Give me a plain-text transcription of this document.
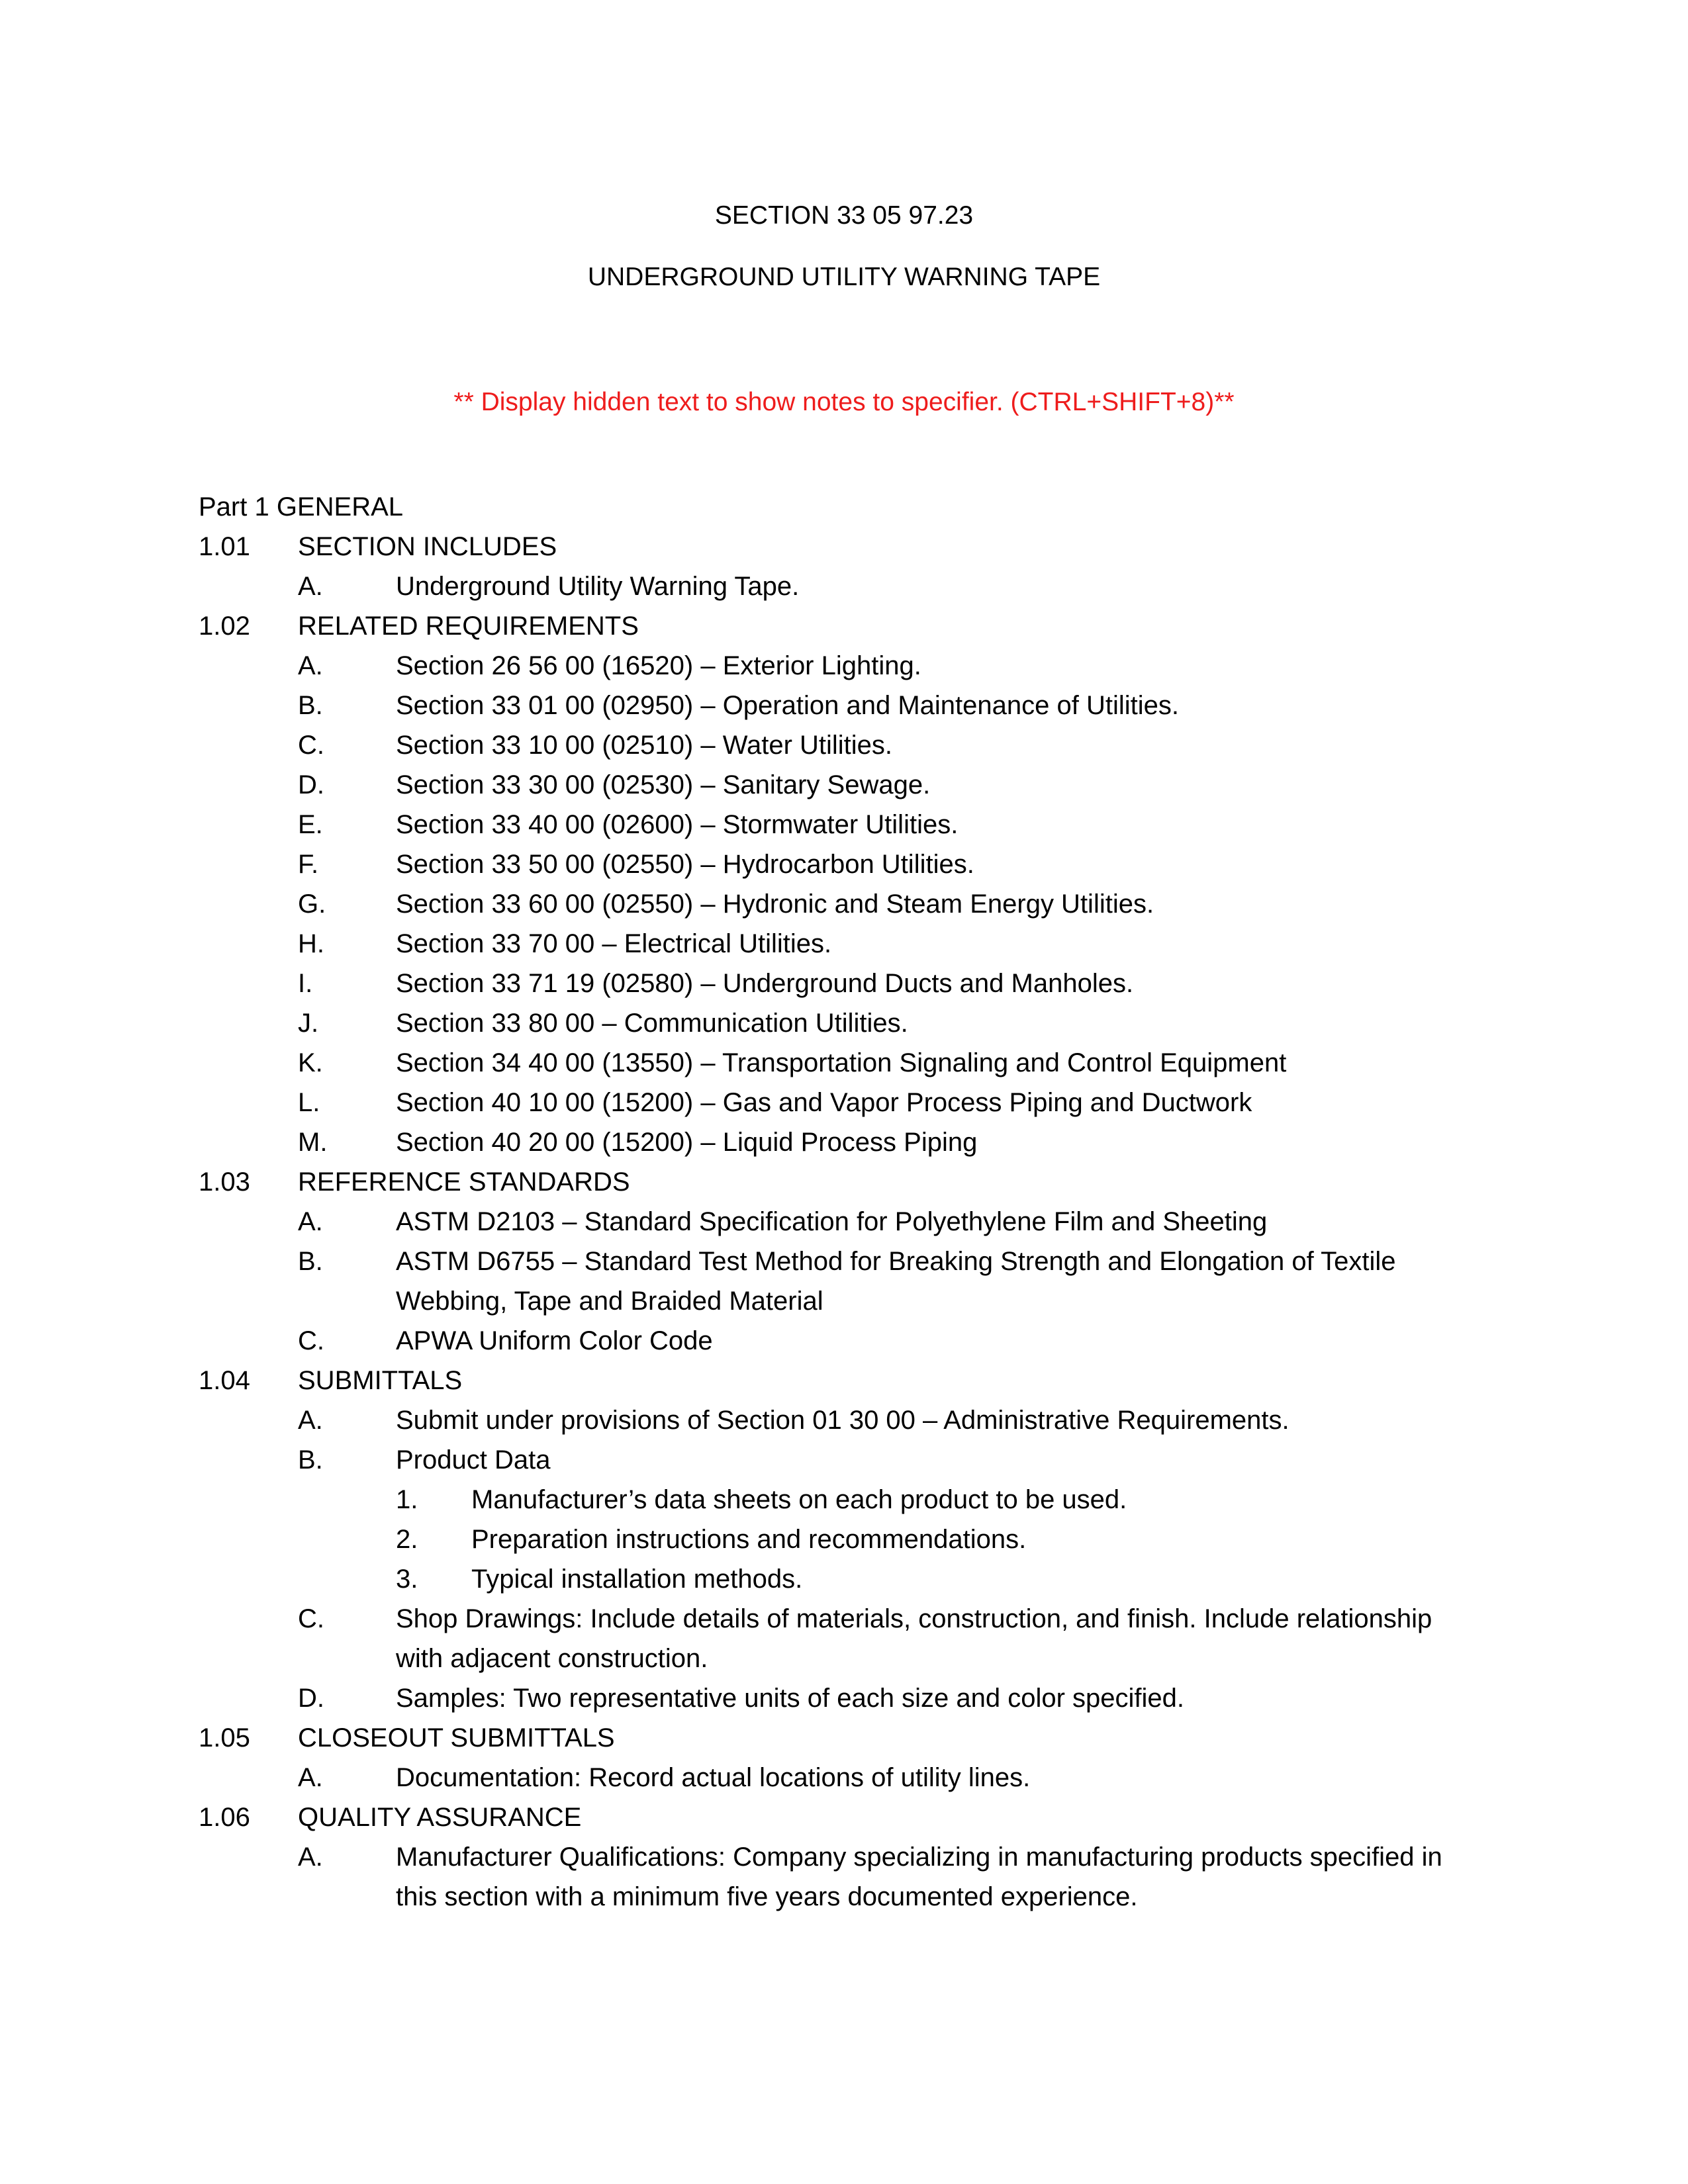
SECTION 33 05 97.23
UNDERGROUND UTILITY WARNING TAPE
** Display hidden text to show notes to specifier. (CTRL+SHIFT+8)**
Part 1 GENERAL
1.01 SECTION INCLUDES
A.	Underground Utility Warning Tape.
1.02 RELATED REQUIREMENTS
A.	Section 26 56 00 (16520) – Exterior Lighting.
B.	Section 33 01 00 (02950) – Operation and Maintenance of Utilities.
C.	Section 33 10 00 (02510) – Water Utilities.
D.	Section 33 30 00 (02530) – Sanitary Sewage.
E.	Section 33 40 00 (02600) – Stormwater Utilities.
F.	Section 33 50 00 (02550) – Hydrocarbon Utilities.
G.	Section 33 60 00 (02550) – Hydronic and Steam Energy Utilities.
H.	Section 33 70 00 – Electrical Utilities.
I.	Section 33 71 19 (02580) – Underground Ducts and Manholes.
J.	Section 33 80 00 – Communication Utilities.
K.	Section 34 40 00 (13550) – Transportation Signaling and Control Equipment
L.	Section 40 10 00 (15200) – Gas and Vapor Process Piping and Ductwork
M.	Section 40 20 00 (15200) – Liquid Process Piping
1.03 REFERENCE STANDARDS
A.	ASTM D2103 – Standard Specification for Polyethylene Film and Sheeting
B.	ASTM D6755 – Standard Test Method for Breaking Strength and Elongation of Textile Webbing, Tape and Braided Material
C.	APWA Uniform Color Code
1.04 SUBMITTALS
A.	Submit under provisions of Section 01 30 00 – Administrative Requirements.
B.	Product Data
1. Manufacturer’s data sheets on each product to be used.
2. Preparation instructions and recommendations.
3. Typical installation methods.
C.	Shop Drawings: Include details of materials, construction, and finish. Include relationship with adjacent construction.
D.	Samples: Two representative units of each size and color specified.
1.05 CLOSEOUT SUBMITTALS
A.	Documentation: Record actual locations of utility lines.
1.06 QUALITY ASSURANCE
A.	Manufacturer Qualifications: Company specializing in manufacturing products specified in this section with a minimum five years documented experience.
